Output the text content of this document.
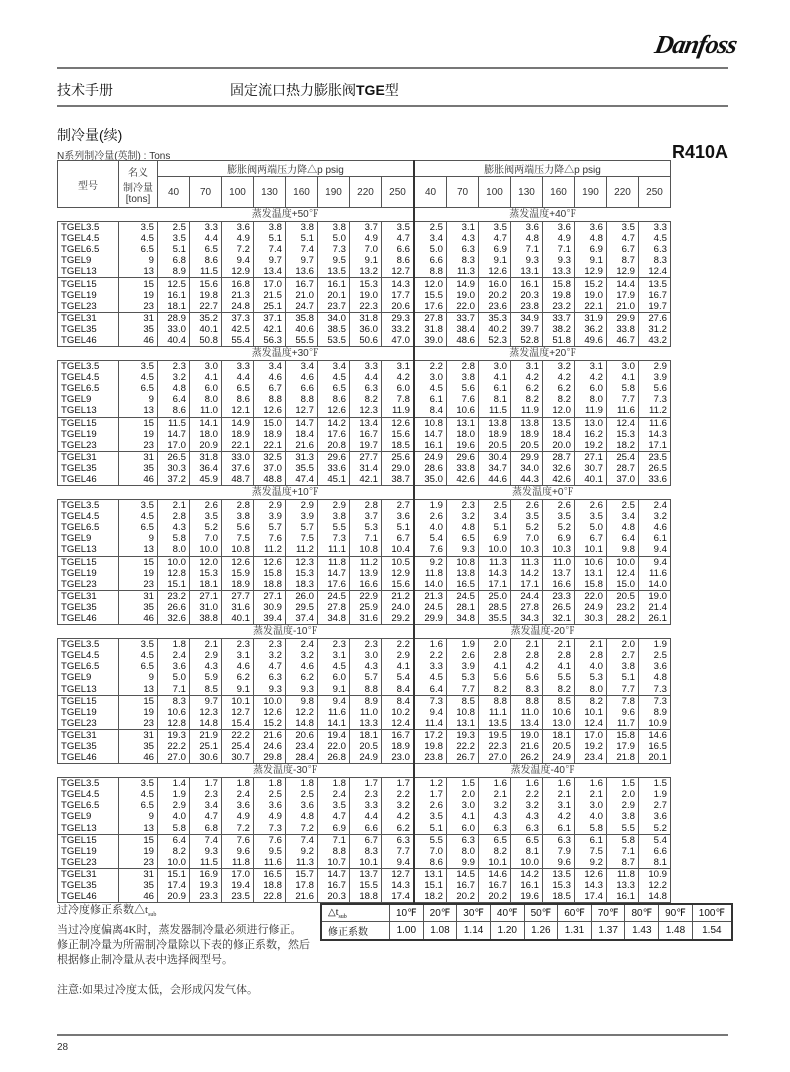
Danfoss
技术手册	固定流口热力膨胀阀TGE型
制冷量(续)
N系列制冷量(英制) : Tons	R410A
型号	名义
制冷量
[tons]	膨胀阀两端压力降△p psig								膨胀阀两端压力降△p psig							
		40	70	100	130	160	190	220	250	40	70	100	130	160	190	220	250

		蒸发温度+50℉								蒸发温度+40℉							
TGEL3.5	3.5	2.5	3.3	3.6	3.8	3.8	3.8	3.7	3.5	2.5	3.1	3.5	3.6	3.6	3.6	3.5	3.3
TGEL4.5	4.5	3.5	4.4	4.9	5.1	5.1	5.0	4.9	4.7	3.4	4.3	4.7	4.8	4.9	4.8	4.7	4.5
TGEL6.5	6.5	5.1	6.5	7.2	7.4	7.4	7.3	7.0	6.6	5.0	6.3	6.9	7.1	7.1	6.9	6.7	6.3
TGEL9	9	6.8	8.6	9.4	9.7	9.7	9.5	9.1	8.6	6.6	8.3	9.1	9.3	9.3	9.1	8.7	8.3
TGEL13	13	8.9	11.5	12.9	13.4	13.6	13.5	13.2	12.7	8.8	11.3	12.6	13.1	13.3	12.9	12.9	12.4
TGEL15	15	12.5	15.6	16.8	17.0	16.7	16.1	15.3	14.3	12.0	14.9	16.0	16.1	15.8	15.2	14.4	13.5
TGEL19	19	16.1	19.8	21.3	21.5	21.0	20.1	19.0	17.7	15.5	19.0	20.2	20.3	19.8	19.0	17.9	16.7
TGEL23	23	18.1	22.7	24.8	25.1	24.7	23.7	22.3	20.6	17.6	22.0	23.6	23.8	23.2	22.1	21.0	19.7
TGEL31	31	28.9	35.2	37.3	37.1	35.8	34.0	31.8	29.3	27.8	33.7	35.3	34.9	33.7	31.9	29.9	27.6
TGEL35	35	33.0	40.1	42.5	42.1	40.6	38.5	36.0	33.2	31.8	38.4	40.2	39.7	38.2	36.2	33.8	31.2
TGEL46	46	40.4	50.8	55.4	56.3	55.5	53.5	50.6	47.0	39.0	48.6	52.3	52.8	51.8	49.6	46.7	43.2
		蒸发温度+30℉								蒸发温度+20℉							
TGEL3.5	3.5	2.3	3.0	3.3	3.4	3.4	3.4	3.3	3.1	2.2	2.8	3.0	3.1	3.2	3.1	3.0	2.9
TGEL4.5	4.5	3.2	4.1	4.4	4.6	4.6	4.5	4.4	4.2	3.0	3.8	4.1	4.2	4.2	4.2	4.1	3.9
TGEL6.5	6.5	4.8	6.0	6.5	6.7	6.6	6.5	6.3	6.0	4.5	5.6	6.1	6.2	6.2	6.0	5.8	5.6
TGEL9	9	6.4	8.0	8.6	8.8	8.8	8.6	8.2	7.8	6.1	7.6	8.1	8.2	8.2	8.0	7.7	7.3
TGEL13	13	8.6	11.0	12.1	12.6	12.7	12.6	12.3	11.9	8.4	10.6	11.5	11.9	12.0	11.9	11.6	11.2
TGEL15	15	11.5	14.1	14.9	15.0	14.7	14.2	13.4	12.6	10.8	13.1	13.8	13.8	13.5	13.0	12.4	11.6
TGEL19	19	14.7	18.0	18.9	18.9	18.4	17.6	16.7	15.6	14.7	18.0	18.9	18.9	18.4	16.2	15.3	14.3
TGEL23	23	17.0	20.9	22.1	22.1	21.6	20.8	19.7	18.5	16.1	19.6	20.5	20.5	20.0	19.2	18.2	17.1
TGEL31	31	26.5	31.8	33.0	32.5	31.3	29.6	27.7	25.6	24.9	29.6	30.4	29.9	28.7	27.1	25.4	23.5
TGEL35	35	30.3	36.4	37.6	37.0	35.5	33.6	31.4	29.0	28.6	33.8	34.7	34.0	32.6	30.7	28.7	26.5
TGEL46	46	37.2	45.9	48.7	48.8	47.4	45.1	42.1	38.7	35.0	42.6	44.6	44.3	42.6	40.1	37.0	33.6
		蒸发温度+10℉								蒸发温度+0℉							
TGEL3.5	3.5	2.1	2.6	2.8	2.9	2.9	2.9	2.8	2.7	1.9	2.3	2.5	2.6	2.6	2.6	2.5	2.4
TGEL4.5	4.5	2.8	3.5	3.8	3.9	3.9	3.8	3.7	3.6	2.6	3.2	3.4	3.5	3.5	3.5	3.4	3.2
TGEL6.5	6.5	4.3	5.2	5.6	5.7	5.7	5.5	5.3	5.1	4.0	4.8	5.1	5.2	5.2	5.0	4.8	4.6
TGEL9	9	5.8	7.0	7.5	7.6	7.5	7.3	7.1	6.7	5.4	6.5	6.9	7.0	6.9	6.7	6.4	6.1
TGEL13	13	8.0	10.0	10.8	11.2	11.2	11.1	10.8	10.4	7.6	9.3	10.0	10.3	10.3	10.1	9.8	9.4
TGEL15	15	10.0	12.0	12.6	12.6	12.3	11.8	11.2	10.5	9.2	10.8	11.3	11.3	11.0	10.6	10.0	9.4
TGEL19	19	12.8	15.3	15.9	15.8	15.3	14.7	13.9	12.9	11.8	13.8	14.3	14.2	13.7	13.1	12.4	11.6
TGEL23	23	15.1	18.1	18.9	18.8	18.3	17.6	16.6	15.6	14.0	16.5	17.1	17.1	16.6	15.8	15.0	14.0
TGEL31	31	23.2	27.1	27.7	27.1	26.0	24.5	22.9	21.2	21.3	24.5	25.0	24.4	23.3	22.0	20.5	19.0
TGEL35	35	26.6	31.0	31.6	30.9	29.5	27.8	25.9	24.0	24.5	28.1	28.5	27.8	26.5	24.9	23.2	21.4
TGEL46	46	32.6	38.8	40.1	39.4	37.4	34.8	31.6	29.2	29.9	34.8	35.5	34.3	32.1	30.3	28.2	26.1
		蒸发温度-10℉								蒸发温度-20℉							
TGEL3.5	3.5	1.8	2.1	2.3	2.3	2.4	2.3	2.3	2.2	1.6	1.9	2.0	2.1	2.1	2.1	2.0	1.9
TGEL4.5	4.5	2.4	2.9	3.1	3.2	3.2	3.1	3.0	2.9	2.2	2.6	2.8	2.8	2.8	2.8	2.7	2.5
TGEL6.5	6.5	3.6	4.3	4.6	4.7	4.6	4.5	4.3	4.1	3.3	3.9	4.1	4.2	4.1	4.0	3.8	3.6
TGEL9	9	5.0	5.9	6.2	6.3	6.2	6.0	5.7	5.4	4.5	5.3	5.6	5.6	5.5	5.3	5.1	4.8
TGEL13	13	7.1	8.5	9.1	9.3	9.3	9.1	8.8	8.4	6.4	7.7	8.2	8.3	8.2	8.0	7.7	7.3
TGEL15	15	8.3	9.7	10.1	10.0	9.8	9.4	8.9	8.4	7.3	8.5	8.8	8.8	8.5	8.2	7.8	7.3
TGEL19	19	10.6	12.3	12.7	12.6	12.2	11.6	11.0	10.2	9.4	10.8	11.1	11.0	10.6	10.1	9.6	8.9
TGEL23	23	12.8	14.8	15.4	15.2	14.8	14.1	13.3	12.4	11.4	13.1	13.5	13.4	13.0	12.4	11.7	10.9
TGEL31	31	19.3	21.9	22.2	21.6	20.6	19.4	18.1	16.7	17.2	19.3	19.5	19.0	18.1	17.0	15.8	14.6
TGEL35	35	22.2	25.1	25.4	24.6	23.4	22.0	20.5	18.9	19.8	22.2	22.3	21.6	20.5	19.2	17.9	16.5
TGEL46	46	27.0	30.6	30.7	29.8	28.4	26.8	24.9	23.0	23.8	26.7	27.0	26.2	24.9	23.4	21.8	20.1
		蒸发温度-30℉								蒸发温度-40℉							
TGEL3.5	3.5	1.4	1.7	1.8	1.8	1.8	1.8	1.7	1.7	1.2	1.5	1.6	1.6	1.6	1.6	1.5	1.5
TGEL4.5	4.5	1.9	2.3	2.4	2.5	2.5	2.4	2.3	2.2	1.7	2.0	2.1	2.2	2.1	2.1	2.0	1.9
TGEL6.5	6.5	2.9	3.4	3.6	3.6	3.6	3.5	3.3	3.2	2.6	3.0	3.2	3.2	3.1	3.0	2.9	2.7
TGEL9	9	4.0	4.7	4.9	4.9	4.8	4.7	4.4	4.2	3.5	4.1	4.3	4.3	4.2	4.0	3.8	3.6
TGEL13	13	5.8	6.8	7.2	7.3	7.2	6.9	6.6	6.2	5.1	6.0	6.3	6.3	6.1	5.8	5.5	5.2
TGEL15	15	6.4	7.4	7.6	7.6	7.4	7.1	6.7	6.3	5.5	6.3	6.5	6.5	6.3	6.1	5.8	5.4
TGEL19	19	8.2	9.3	9.6	9.5	9.2	8.8	8.3	7.7	7.0	8.0	8.2	8.1	7.9	7.5	7.1	6.6
TGEL23	23	10.0	11.5	11.8	11.6	11.3	10.7	10.1	9.4	8.6	9.9	10.1	10.0	9.6	9.2	8.7	8.1
TGEL31	31	15.1	16.9	17.0	16.5	15.7	14.7	13.7	12.7	13.1	14.5	14.6	14.2	13.5	12.6	11.8	10.9
TGEL35	35	17.4	19.3	19.4	18.8	17.8	16.7	15.5	14.3	15.1	16.7	16.7	16.1	15.3	14.3	13.3	12.2
TGEL46	46	20.9	23.3	23.5	22.8	21.6	20.3	18.8	17.4	18.2	20.2	20.2	19.6	18.5	17.4	16.1	14.8

过冷度修正系数$\triangle t_{sub}$

当过冷度偏离4K时，蒸发器制冷量必须进行修正。

修正制冷量为所需制冷量除以下表的修正系数，然后根据修止制冷量从表中选择阀型号。

注意:如果过冷度太低，会形成闪发气体。

$\triangle t_{sub}$	10℉	20℉	30℉	40℉	50℉	60℉	70℉	80℉	90℉	100℉
修正系数	1.00	1.08	1.14	1.20	1.26	1.31	1.37	1.43	1.48	1.54
28
